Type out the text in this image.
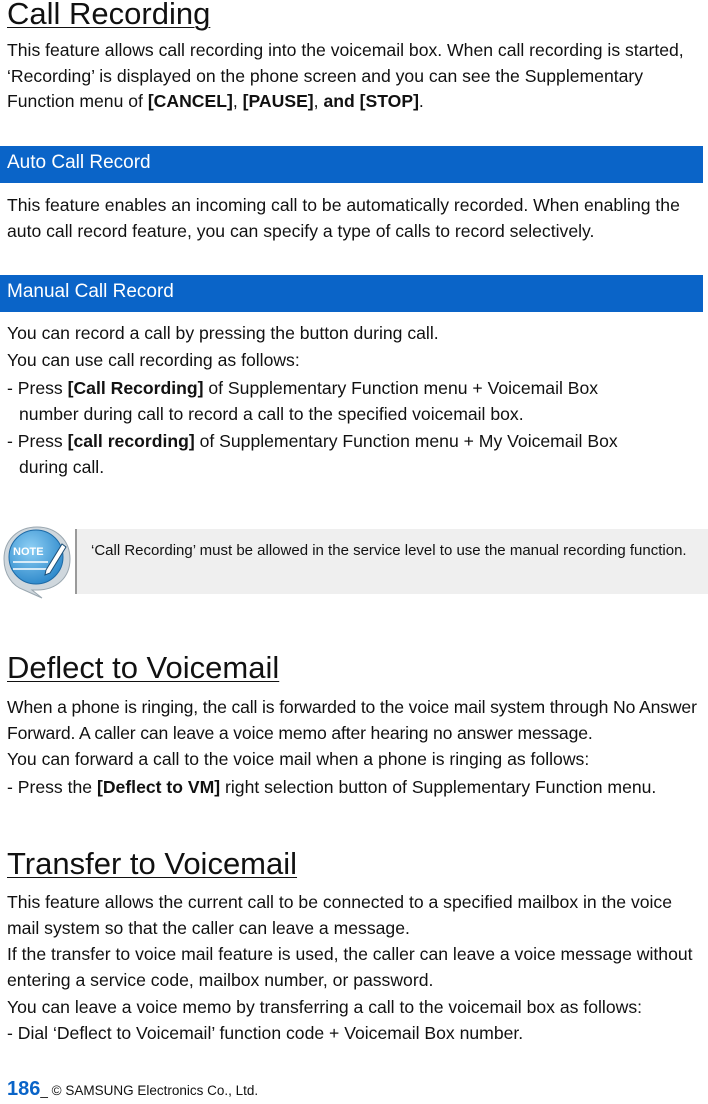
Call Recording
This feature allows call recording into the voicemail box. When call recording is started, ‘Recording’ is displayed on the phone screen and you can see the Supplementary Function menu of [CANCEL], [PAUSE], and [STOP].
Auto Call Record
This feature enables an incoming call to be automatically recorded. When enabling the auto call record feature, you can specify a type of calls to record selectively.
Manual Call Record
You can record a call by pressing the button during call.
You can use call recording as follows:
- Press [Call Recording] of Supplementary Function menu + Voicemail Box
number during call to record a call to the specified voicemail box.
- Press [call recording] of Supplementary Function menu + My Voicemail Box
during call.
NOTE	‘Call Recording’ must be allowed in the service level to use the manual recording function.
Deflect to Voicemail
When a phone is ringing, the call is forwarded to the voice mail system through No Answer Forward. A caller can leave a voice memo after hearing no answer message.
You can forward a call to the voice mail when a phone is ringing as follows:
- Press the [Deflect to VM] right selection button of Supplementary Function menu.
Transfer to Voicemail
This feature allows the current call to be connected to a specified mailbox in the voice mail system so that the caller can leave a message.
If the transfer to voice mail feature is used, the caller can leave a voice message without entering a service code, mailbox number, or password.
You can leave a voice memo by transferring a call to the voicemail box as follows:
- Dial ‘Deflect to Voicemail’ function code + Voicemail Box number.
186_ © SAMSUNG Electronics Co., Ltd.
